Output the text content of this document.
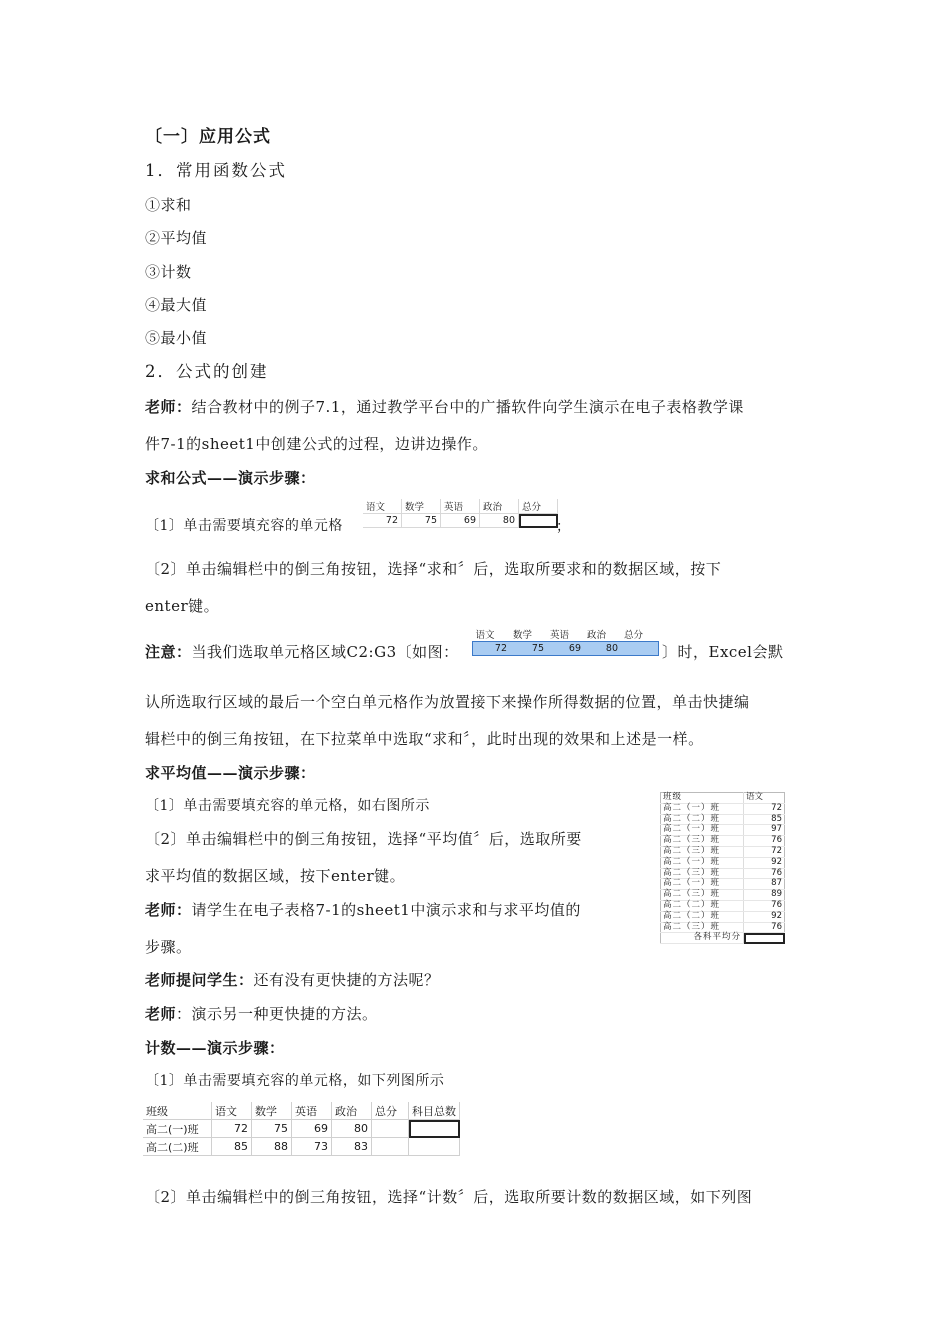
〔一〕应用公式
1．常用函数公式
①求和
②平均值
③计数
④最大值
⑤最小值
2．公式的创建
老师：结合教材中的例子7.1，通过教学平台中的广播软件向学生演示在电子表格教学课
件7-1的sheet1中创建公式的过程，边讲边操作。
求和公式——演示步骤：
〔1〕单击需要填充容的单元格
语文	数学	英语	政治	总分
72	75	69	80		；
〔2〕单击编辑栏中的倒三角按钮，选择“求和〞后，选取所要求和的数据区域，按下
enter键。
注意：当我们选取单元格区域C2:G3〔如图：
语文	数学	英语	政治	总分
72	75	69	80		〕时，Excel会默
认所选取行区域的最后一个空白单元格作为放置接下来操作所得数据的位置，单击快捷编
辑栏中的倒三角按钮，在下拉菜单中选取“求和〞，此时出现的效果和上述是一样。
求平均值——演示步骤：
〔1〕单击需要填充容的单元格，如右图所示
〔2〕单击编辑栏中的倒三角按钮，选择“平均值〞后，选取所要
求平均值的数据区域，按下enter键。
老师：请学生在电子表格7-1的sheet1中演示求和与求平均值的
步骤。
班级	语文
高二（一）班	72
高二（二）班	85
高二（一）班	97
高二（三）班	76
高二（三）班	72
高二（一）班	92
高二（三）班	76
高二（一）班	87
高二（三）班	89
高二（二）班	76
高二（二）班	92
高二（三）班	76
各科平均分	
老师提问学生：还有没有更快捷的方法呢？
老师：演示另一种更快捷的方法。
计数——演示步骤：
〔1〕单击需要填充容的单元格，如下列图所示
班级	语文	数学	英语	政治	总分	科目总数
高二(一)班	72	75	69	80		
高二(二)班	85	88	73	83		
〔2〕单击编辑栏中的倒三角按钮，选择“计数〞后，选取所要计数的数据区域，如下列图
